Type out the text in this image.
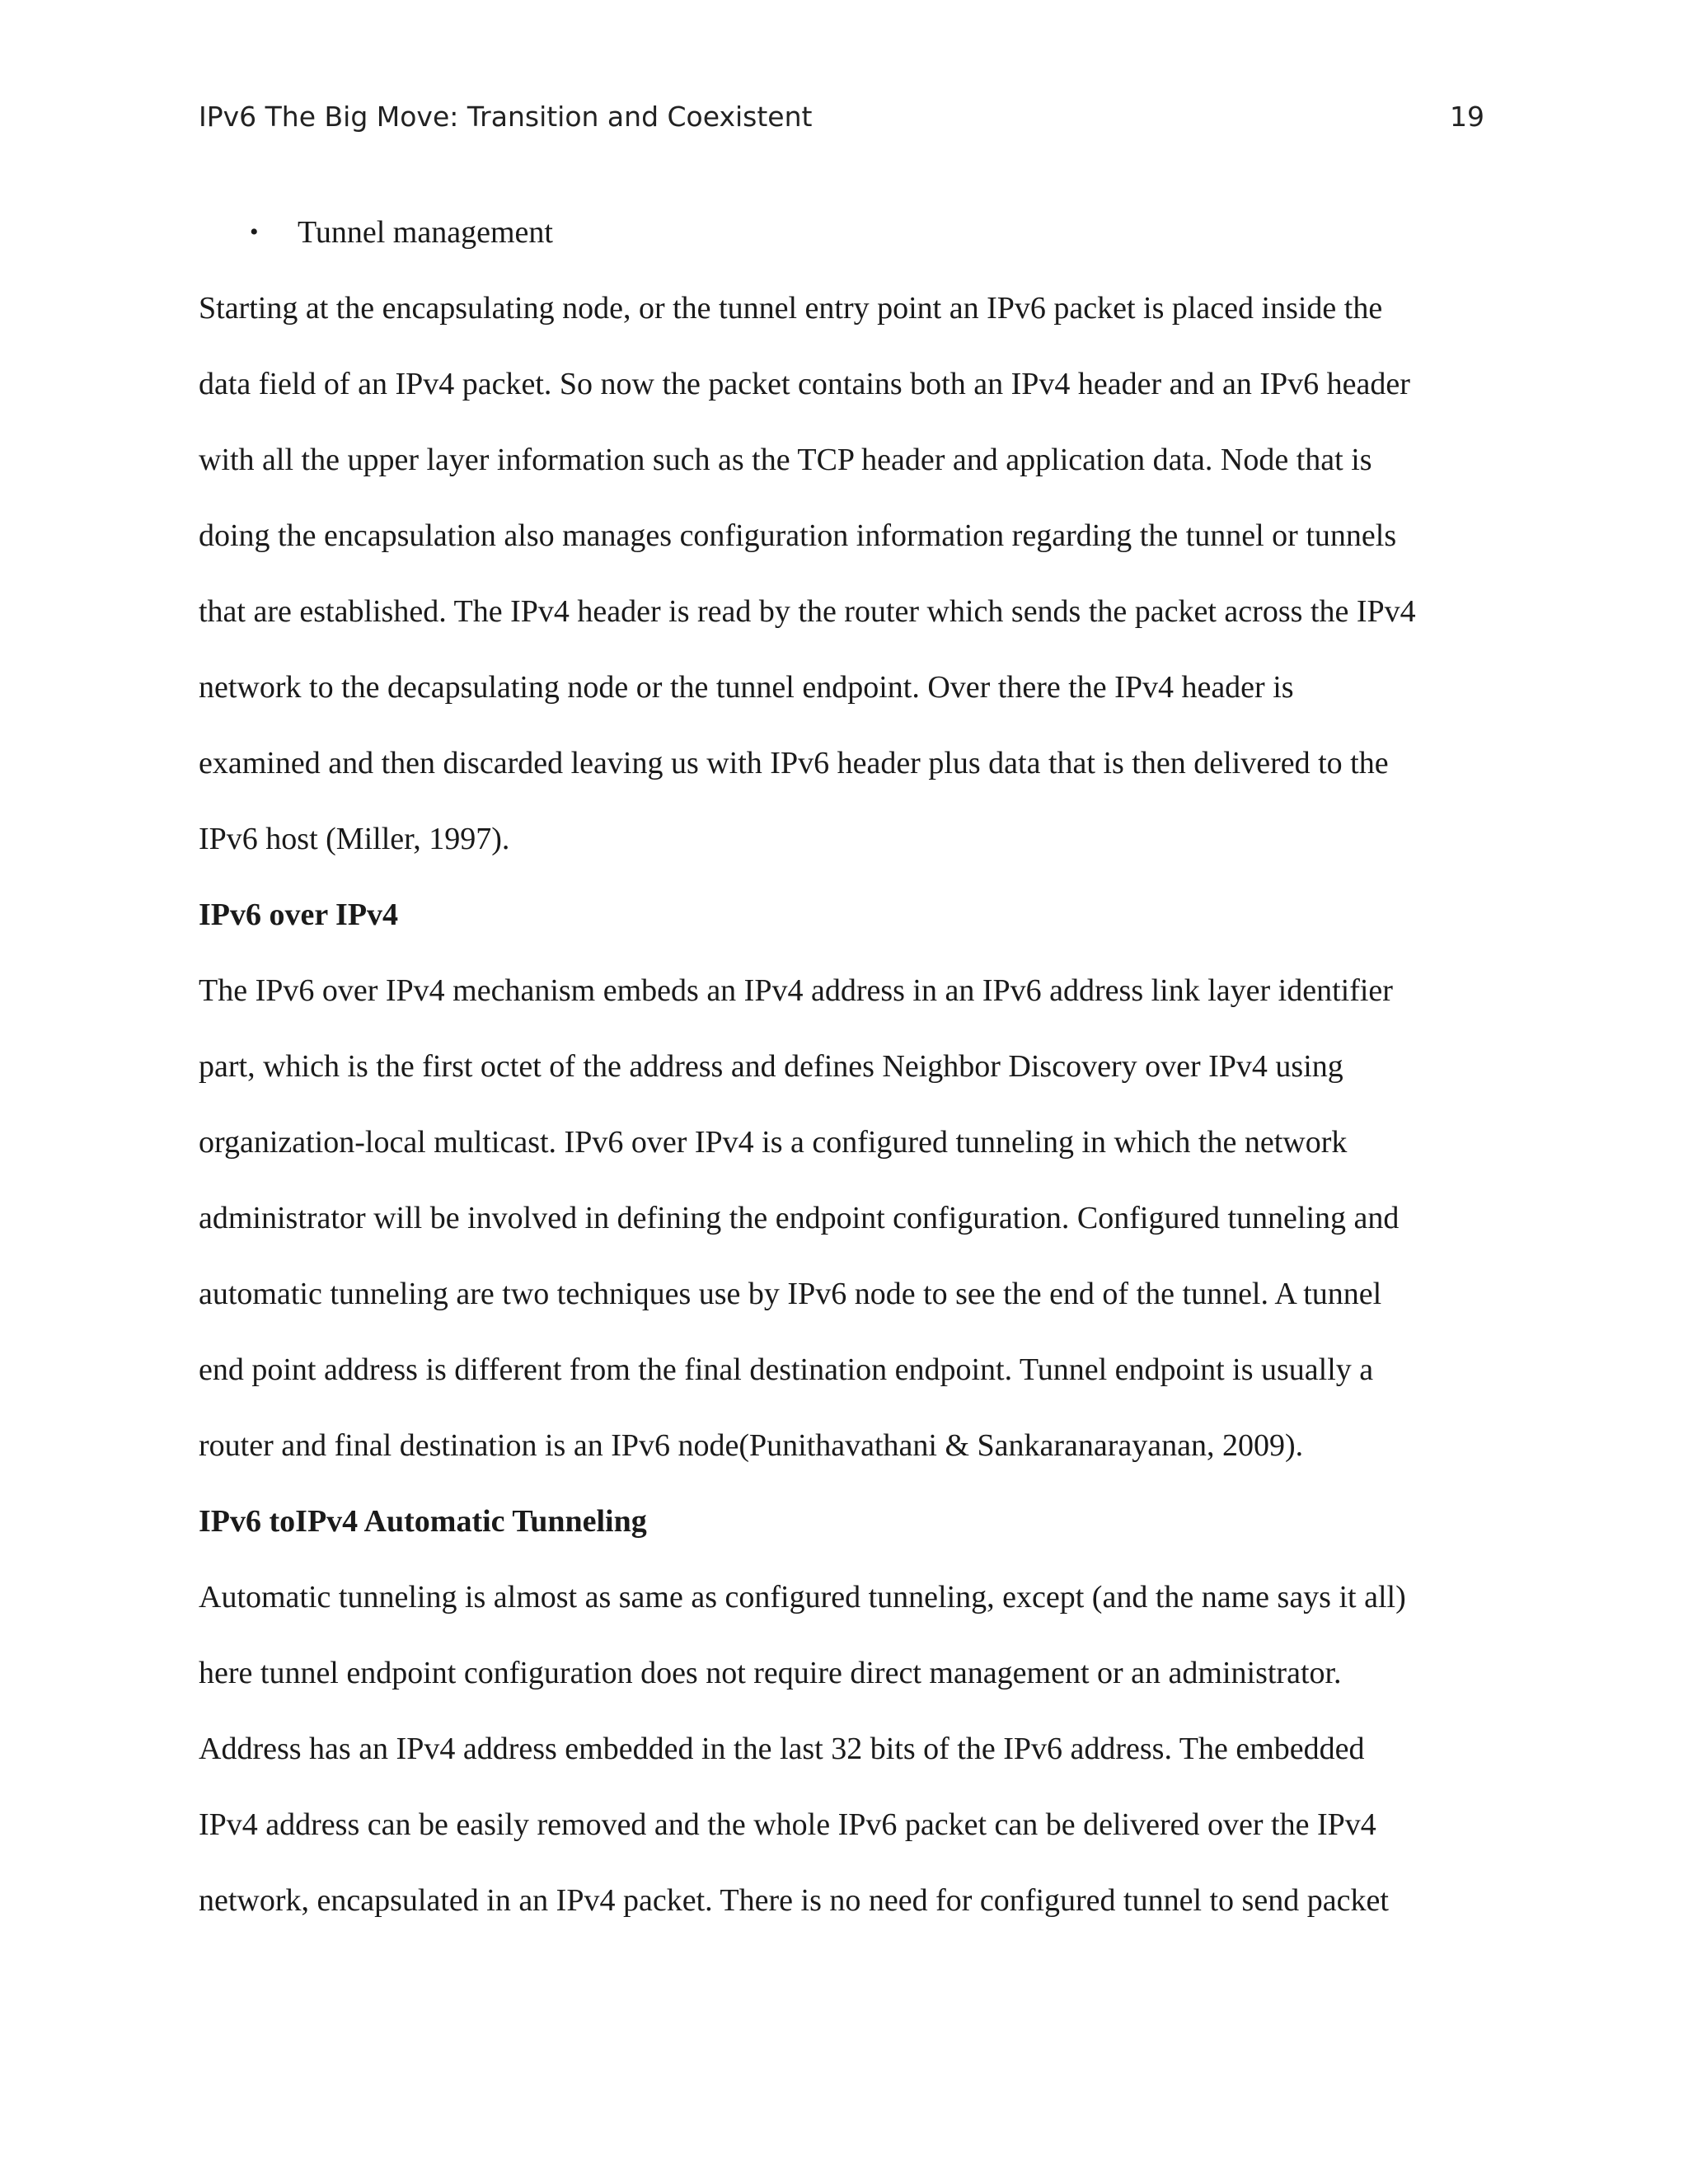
IPv6 The Big Move: Transition and Coexistent	19
• Tunnel management
Starting at the encapsulating node, or the tunnel entry point an IPv6 packet is placed inside the
data field of an IPv4 packet. So now the packet contains both an IPv4 header and an IPv6 header
with all the upper layer information such as the TCP header and application data. Node that is
doing the encapsulation also manages configuration information regarding the tunnel or tunnels
that are established. The IPv4 header is read by the router which sends the packet across the IPv4
network to the decapsulating node or the tunnel endpoint. Over there the IPv4 header is
examined and then discarded leaving us with IPv6 header plus data that is then delivered to the
IPv6 host (Miller, 1997).
IPv6 over IPv4
The IPv6 over IPv4 mechanism embeds an IPv4 address in an IPv6 address link layer identifier
part, which is the first octet of the address and defines Neighbor Discovery over IPv4 using
organization-local multicast. IPv6 over IPv4 is a configured tunneling in which the network
administrator will be involved in defining the endpoint configuration. Configured tunneling and
automatic tunneling are two techniques use by IPv6 node to see the end of the tunnel. A tunnel
end point address is different from the final destination endpoint. Tunnel endpoint is usually a
router and final destination is an IPv6 node(Punithavathani & Sankaranarayanan, 2009).
IPv6 toIPv4 Automatic Tunneling
Automatic tunneling is almost as same as configured tunneling, except (and the name says it all)
here tunnel endpoint configuration does not require direct management or an administrator.
Address has an IPv4 address embedded in the last 32 bits of the IPv6 address. The embedded
IPv4 address can be easily removed and the whole IPv6 packet can be delivered over the IPv4
network, encapsulated in an IPv4 packet. There is no need for configured tunnel to send packet
